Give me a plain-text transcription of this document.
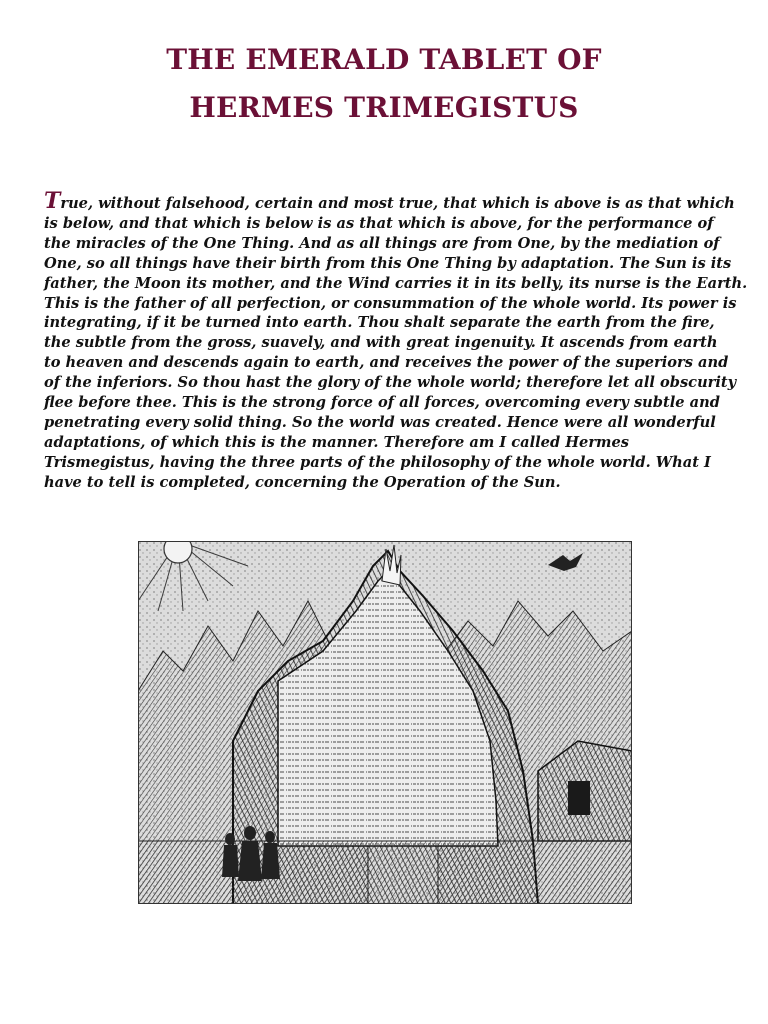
THE EMERALD TABLET OF
HERMES TRIMEGISTUS
True, without falsehood, certain and most true, that which is above is as that which
is below, and that which is below is as that which is above, for the performance of
the miracles of the One Thing. And as all things are from One, by the mediation of
One, so all things have their birth from this One Thing by adaptation. The Sun is its
father, the Moon its mother, and the Wind carries it in its belly, its nurse is the Earth.
This is the father of all perfection, or consummation of the whole world. Its power is
integrating, if it be turned into earth. Thou shalt separate the earth from the fire,
the subtle from the gross, suavely, and with great ingenuity. It ascends from earth
to heaven and descends again to earth, and receives the power of the superiors and
of the inferiors. So thou hast the glory of the whole world; therefore let all obscurity
flee before thee. This is the strong force of all forces, overcoming every subtle and
penetrating every solid thing. So the world was created. Hence were all wonderful
adaptations, of which this is the manner. Therefore am I called Hermes
Trismegistus, having the three parts of the philosophy of the whole world. What I
have to tell is completed, concerning the Operation of the Sun.
